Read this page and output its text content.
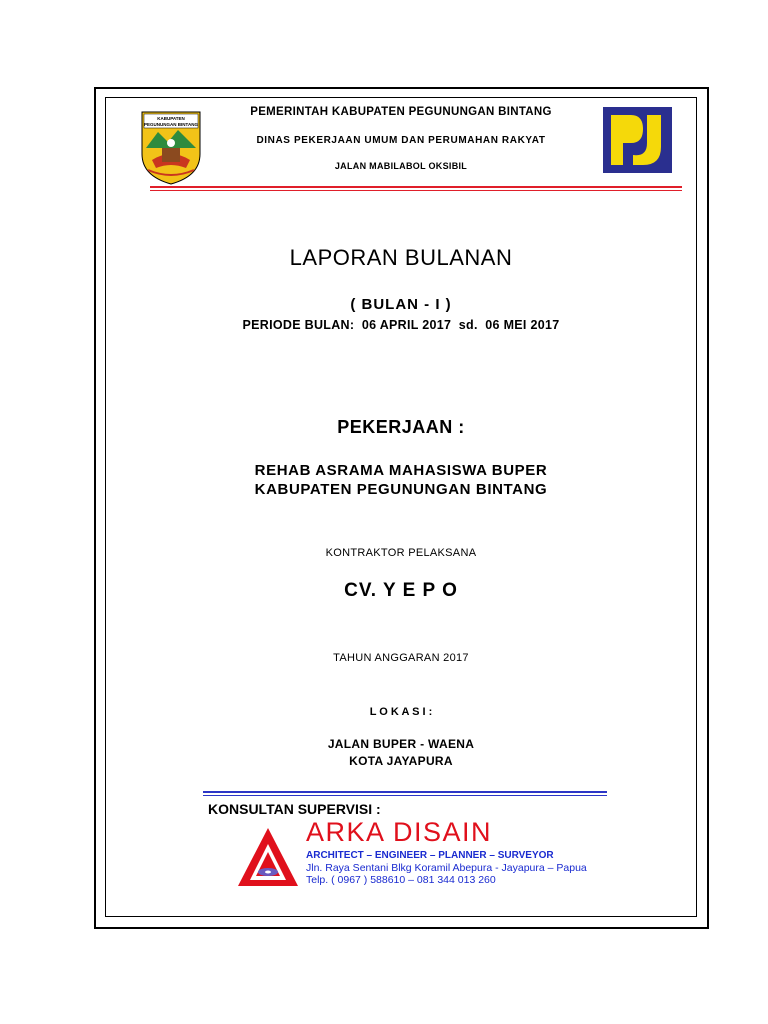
KABUPATEN
PEGUNUNGAN BINTANG
PEMERINTAH KABUPATEN PEGUNUNGAN BINTANG
DINAS PEKERJAAN UMUM DAN PERUMAHAN RAKYAT
JALAN MABILABOL OKSIBIL
LAPORAN BULANAN
( BULAN - I )
PERIODE BULAN:  06 APRIL 2017  sd.  06 MEI 2017
PEKERJAAN :
REHAB ASRAMA MAHASISWA BUPER
KABUPATEN PEGUNUNGAN BINTANG
KONTRAKTOR PELAKSANA
CV. Y E P O
TAHUN ANGGARAN 2017
L O K A S I :
JALAN BUPER - WAENA
KOTA JAYAPURA
KONSULTAN SUPERVISI :
ARKA DISAIN
ARCHITECT – ENGINEER – PLANNER – SURVEYOR
Jln. Raya Sentani Blkg Koramil Abepura - Jayapura – Papua
Telp. ( 0967 ) 588610 – 081 344 013 260
